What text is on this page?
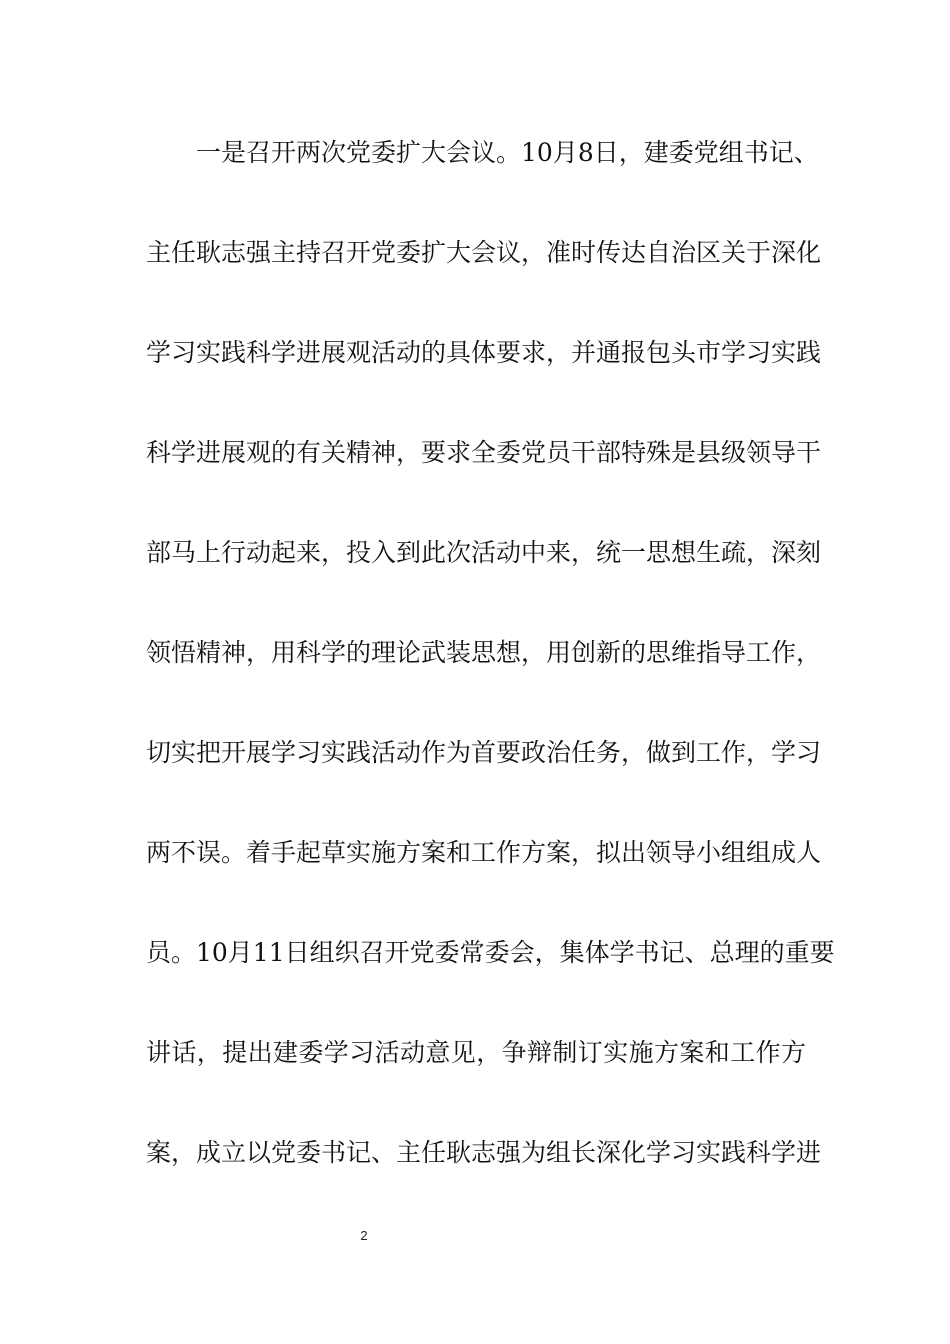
一是召开两次党委扩大会议。10月8日，建委党组书记、
主任耿志强主持召开党委扩大会议，准时传达自治区关于深化
学习实践科学进展观活动的具体要求，并通报包头市学习实践
科学进展观的有关精神，要求全委党员干部特殊是县级领导干
部马上行动起来，投入到此次活动中来，统一思想生疏，深刻
领悟精神，用科学的理论武装思想，用创新的思维指导工作，
切实把开展学习实践活动作为首要政治任务，做到工作，学习
两不误。着手起草实施方案和工作方案，拟出领导小组组成人
员。10月11日组织召开党委常委会，集体学书记、总理的重要
讲话，提出建委学习活动意见，争辩制订实施方案和工作方
案，成立以党委书记、主任耿志强为组长深化学习实践科学进
2
